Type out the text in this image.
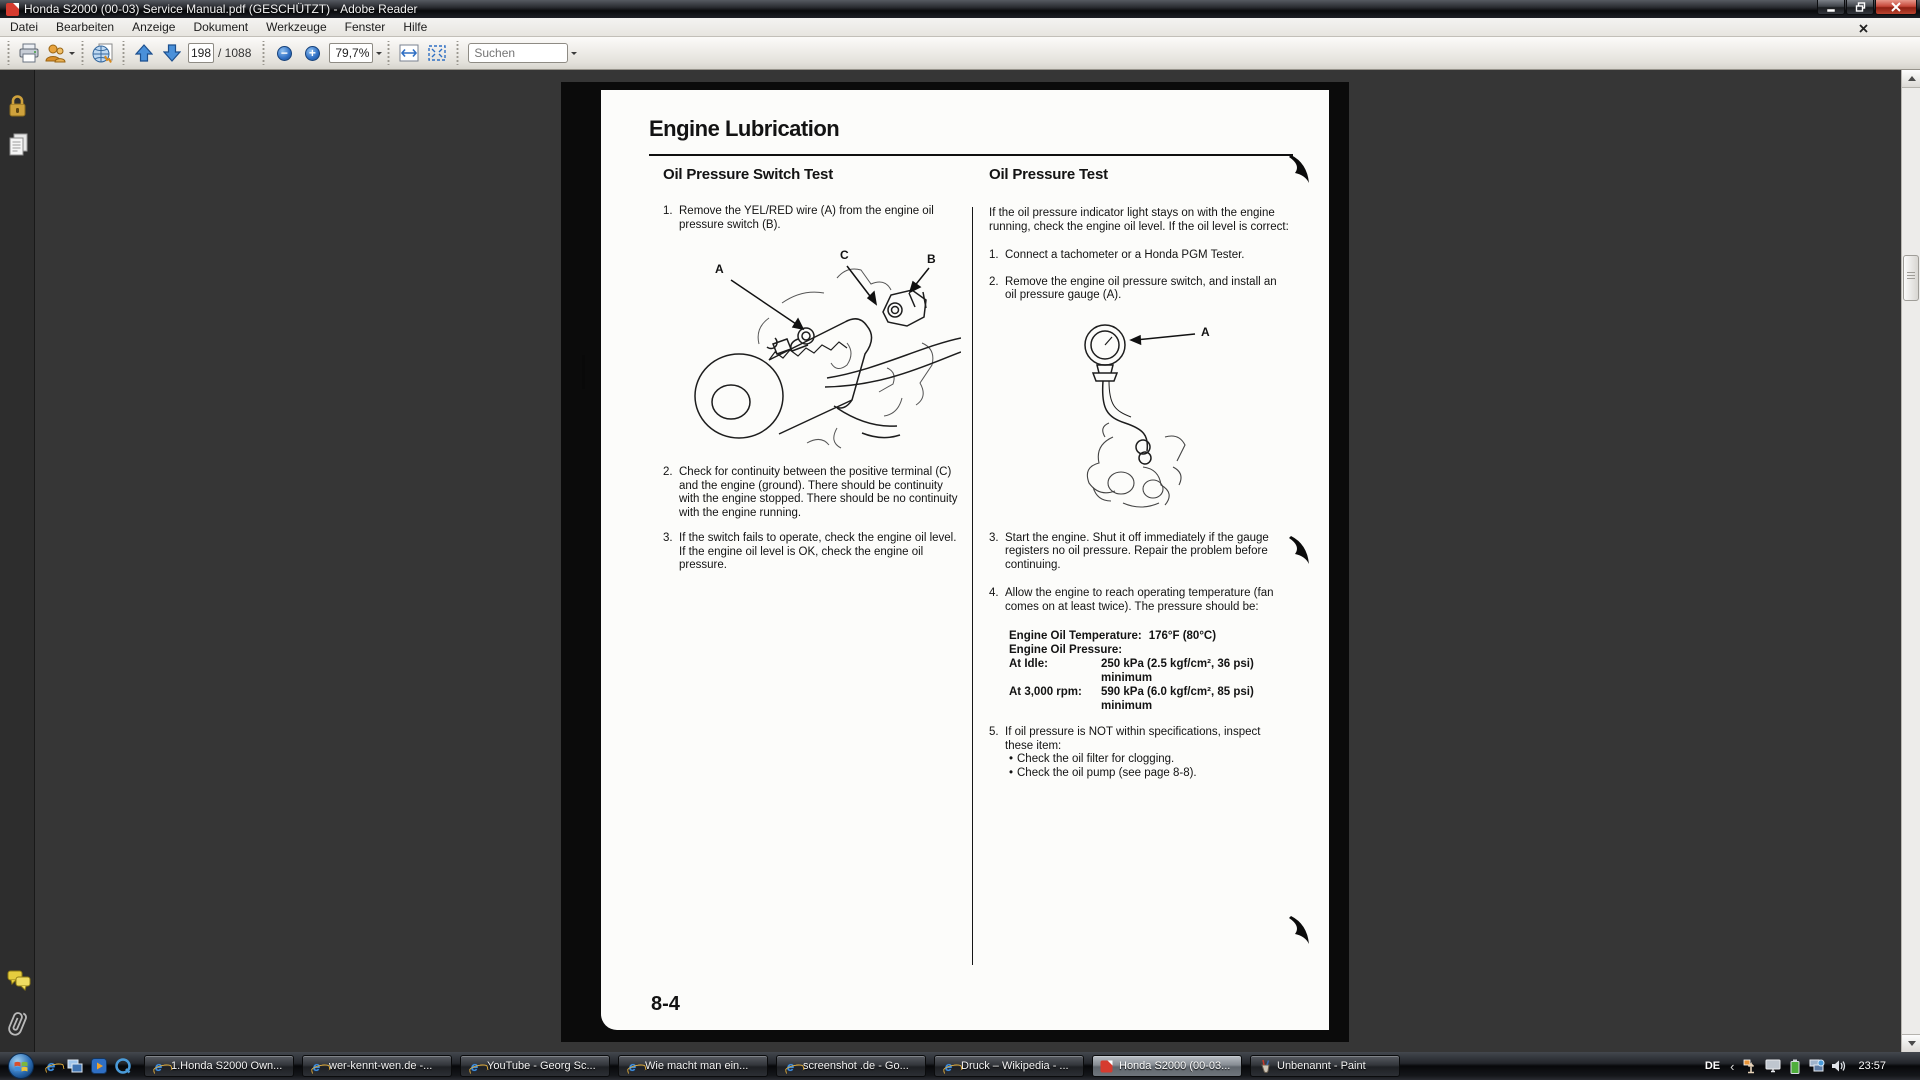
Honda S2000 (00-03) Service Manual.pdf (GESCHÜTZT) - Adobe Reader
Datei	Bearbeiten	Anzeige	Dokument	Werkzeuge	Fenster	Hilfe
198
/ 1088	−	+	79,7%
Suchen
Engine Lubrication
Oil Pressure Switch Test
1. Remove the YEL/RED wire (A) from the engine oil pressure switch (B).
A
C	B
2. Check for continuity between the positive terminal (C) and the engine (ground). There should be continuity with the engine stopped. There should be no continuity with the engine running.
3. If the switch fails to operate, check the engine oil level. If the engine oil level is OK, check the engine oil pressure.
Oil Pressure Test
If the oil pressure indicator light stays on with the engine running, check the engine oil level. If the oil level is correct:
1. Connect a tachometer or a Honda PGM Tester.
2. Remove the engine oil pressure switch, and install an oil pressure gauge (A).
A
3. Start the engine. Shut it off immediately if the gauge registers no oil pressure. Repair the problem before continuing.
4. Allow the engine to reach operating temperature (fan comes on at least twice). The pressure should be:
Engine Oil Temperature: 176°F (80°C)
Engine Oil Pressure:
At Idle:	250 kPa (2.5 kgf/cm², 36 psi)
minimum
At 3,000 rpm:	590 kPa (6.0 kgf/cm², 85 psi)
minimum
5. If oil pressure is NOT within specifications, inspect these item:
• Check the oil filter for clogging.
• Check the oil pump (see page 8-8).
8-4
e	e 1.Honda S2000 Own... e wer-kennt-wen.de -...	e YouTube - Georg Sc...	e Wie macht man ein...	e screenshot .de - Go...	e Druck – Wikipedia - ...	Honda S2000 (00-03...	Unbenannt - Paint	DE ‹	23:57
